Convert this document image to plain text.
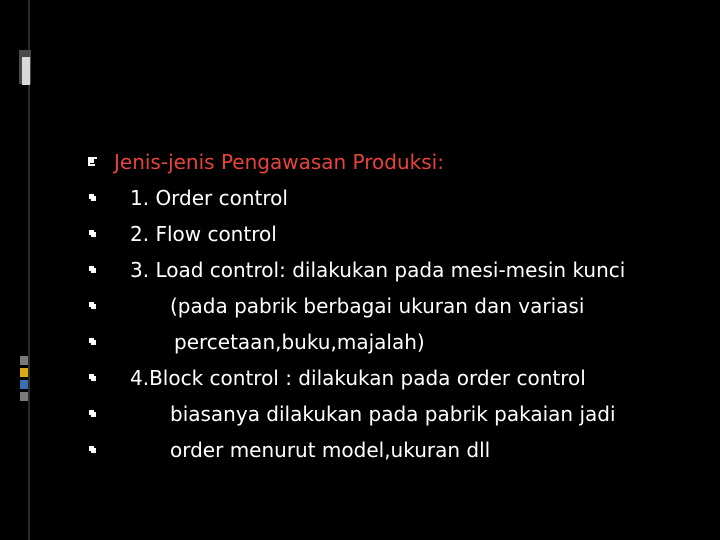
Jenis-jenis Pengawasan Produksi:
1. Order control
2. Flow control
3. Load control: dilakukan pada mesi-mesin kunci
(pada pabrik berbagai ukuran dan variasi
percetaan,buku,majalah)
4.Block control : dilakukan pada order control
biasanya dilakukan pada pabrik pakaian jadi
order menurut model,ukuran dll
